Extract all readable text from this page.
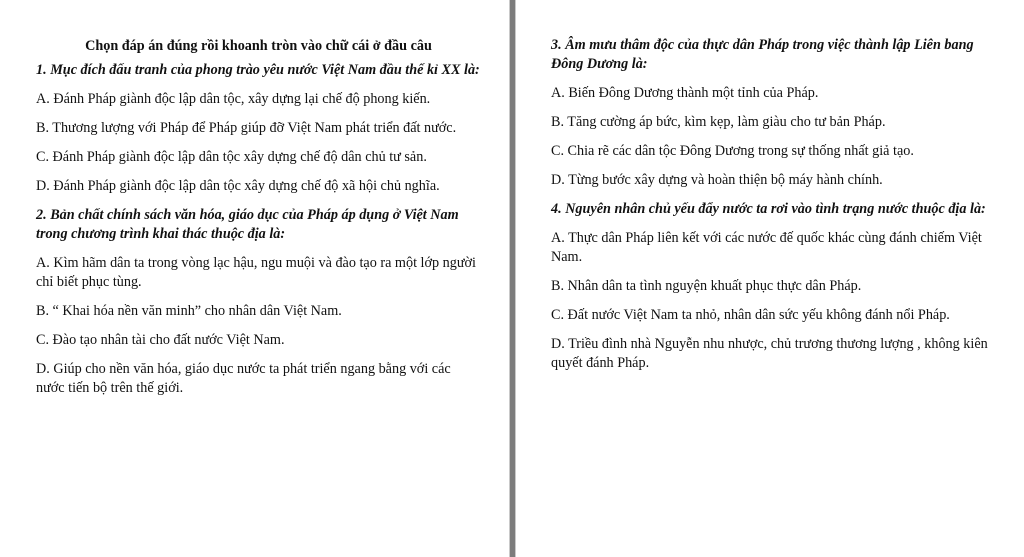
Chọn đáp án đúng rồi khoanh tròn vào chữ cái ở đầu câu
1. Mục đích đấu tranh của phong trào yêu nước Việt Nam đầu thế kỉ XX là:
A. Đánh Pháp giành độc lập dân tộc, xây dựng lại chế độ phong kiến.
B. Thương lượng với Pháp để Pháp giúp đỡ Việt Nam phát triển đất nước.
C. Đánh Pháp giành độc lập dân tộc xây dựng chế độ dân chủ tư sản.
D. Đánh Pháp giành độc lập dân tộc xây dựng chế độ xã hội chủ nghĩa.
2. Bản chất chính sách văn hóa, giáo dục của Pháp áp dụng ở Việt Nam trong chương trình khai thác thuộc địa là:
A. Kìm hãm dân ta trong vòng lạc hậu, ngu muội và đào tạo ra một lớp người chỉ biết phục tùng.
B. “ Khai hóa nền văn minh” cho nhân dân Việt Nam.
C. Đào tạo nhân tài cho đất nước Việt Nam.
D. Giúp cho nền văn hóa, giáo dục nước ta phát triển ngang bằng với các nước tiến bộ trên thế giới.
3. Âm mưu thâm độc của thực dân Pháp trong việc thành lập Liên bang Đông Dương là:
A. Biến Đông Dương thành một tỉnh của Pháp.
B. Tăng cường áp bức, kìm kẹp, làm giàu cho tư bản Pháp.
C. Chia rẽ các dân tộc Đông Dương trong sự thống nhất giả tạo.
D. Từng bước xây dựng và hoàn thiện bộ máy hành chính.
4. Nguyên nhân chủ yếu đẩy nước ta rơi vào tình trạng nước thuộc địa là:
A. Thực dân Pháp liên kết với các nước đế quốc khác cùng đánh chiếm Việt Nam.
B. Nhân dân ta tình nguyện khuất phục thực dân Pháp.
C. Đất nước Việt Nam ta nhỏ, nhân dân sức yếu không đánh nổi Pháp.
D. Triều đình nhà Nguyễn nhu nhược, chủ trương thương lượng , không kiên quyết đánh Pháp.
